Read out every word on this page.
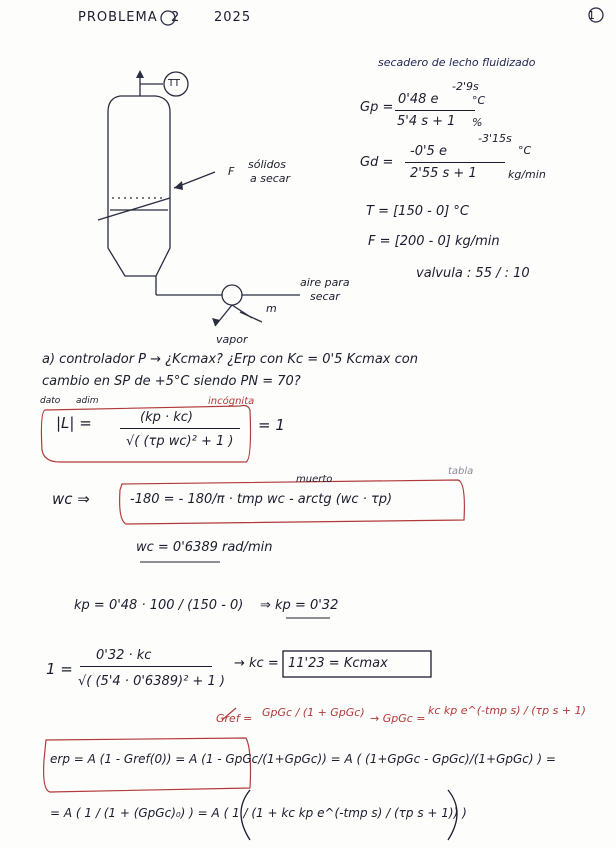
PROBLEMA 2	2025	1
TT
F
sólidos
a secar
aire para
secar
m
vapor
secadero de lecho fluidizado
Gp =
0'48 e
-2'9s
°C
5'4 s + 1 %
Gd =
-0'5 e
-3'15s
°C
2'55 s + 1	kg/min
T = [150 - 0] °C
F = [200 - 0] kg/min
valvula : 55 / : 10
a) controlador P → ¿Kcmax? ¿Erp con Kc = 0'5 Kcmax con
cambio en SP de +5°C siendo PN = 70?
dato adim	incógnita
|L| =	(kp · kc)
√( (τp wc)² + 1 )
= 1
wc ⇒
muerto
tabla
-180 = - 180/π · tmp wc - arctg (wc · τp)
wc = 0'6389 rad/min
kp = 0'48 · 100 / (150 - 0) ⇒ kp = 0'32
1 =
0'32 · kc
√( (5'4 · 0'6389)² + 1 )
→ kc = 11'23 = Kcmax
Gref = GpGc / (1 + GpGc) → GpGc =
kc kp e^(-tmp s) / (τp s + 1)
erp = A (1 - Gref(0)) = A (1 - GpGc/(1+GpGc)) = A ( (1+GpGc - GpGc)/(1+GpGc) ) =
= A ( 1 / (1 + (GpGc)₀) ) = A ( 1 / (1 + kc kp e^(-tmp s) / (τp s + 1)) )
